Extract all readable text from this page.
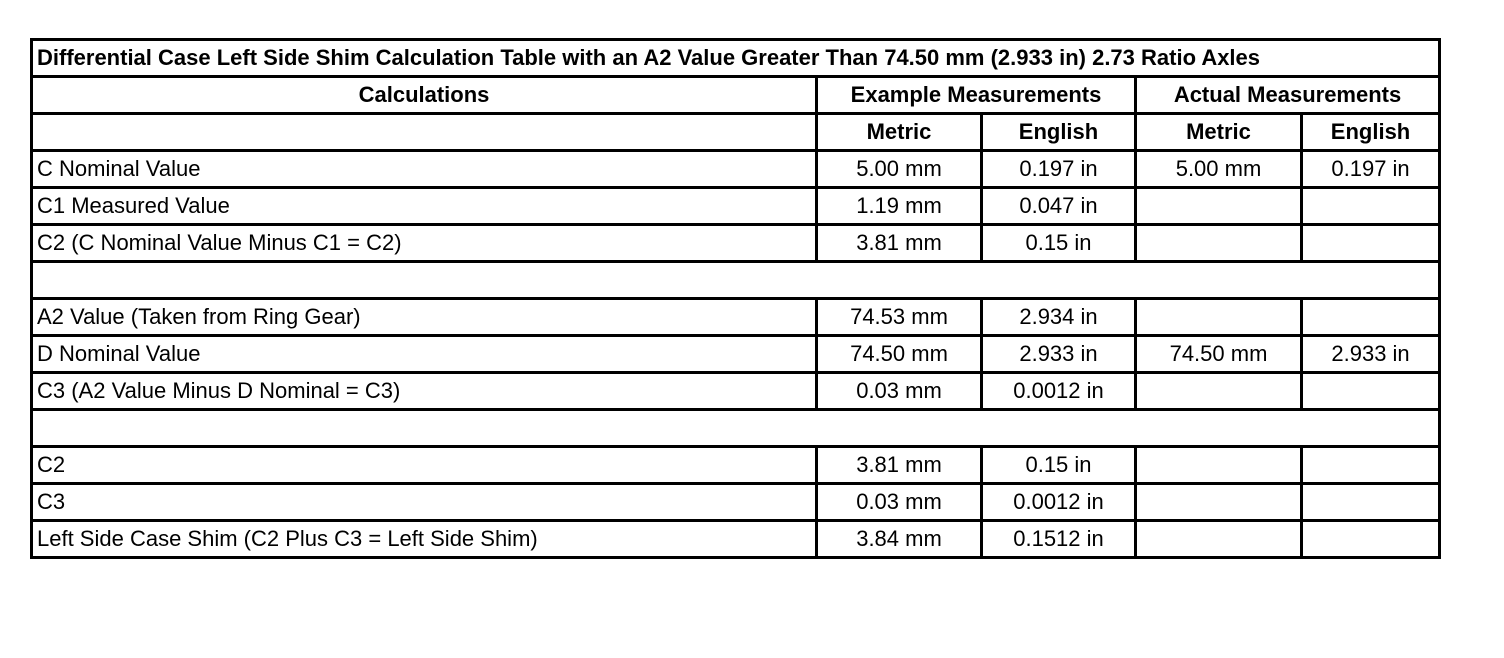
Differential Case Left Side Shim Calculation Table with an A2 Value Greater Than 74.50 mm (2.933 in) 2.73 Ratio Axles				
Calculations	Example Measurements		Actual Measurements	
	Metric	English	Metric	English
C Nominal Value	5.00 mm	0.197 in	5.00 mm	0.197 in
C1 Measured Value	1.19 mm	0.047 in		
C2 (C Nominal Value Minus C1 = C2)	3.81 mm	0.15 in		

A2 Value (Taken from Ring Gear)	74.53 mm	2.934 in		
D Nominal Value	74.50 mm	2.933 in	74.50 mm	2.933 in
C3 (A2 Value Minus D Nominal = C3)	0.03 mm	0.0012 in		

C2	3.81 mm	0.15 in		
C3	0.03 mm	0.0012 in		
Left Side Case Shim (C2 Plus C3 = Left Side Shim)	3.84 mm	0.1512 in		
